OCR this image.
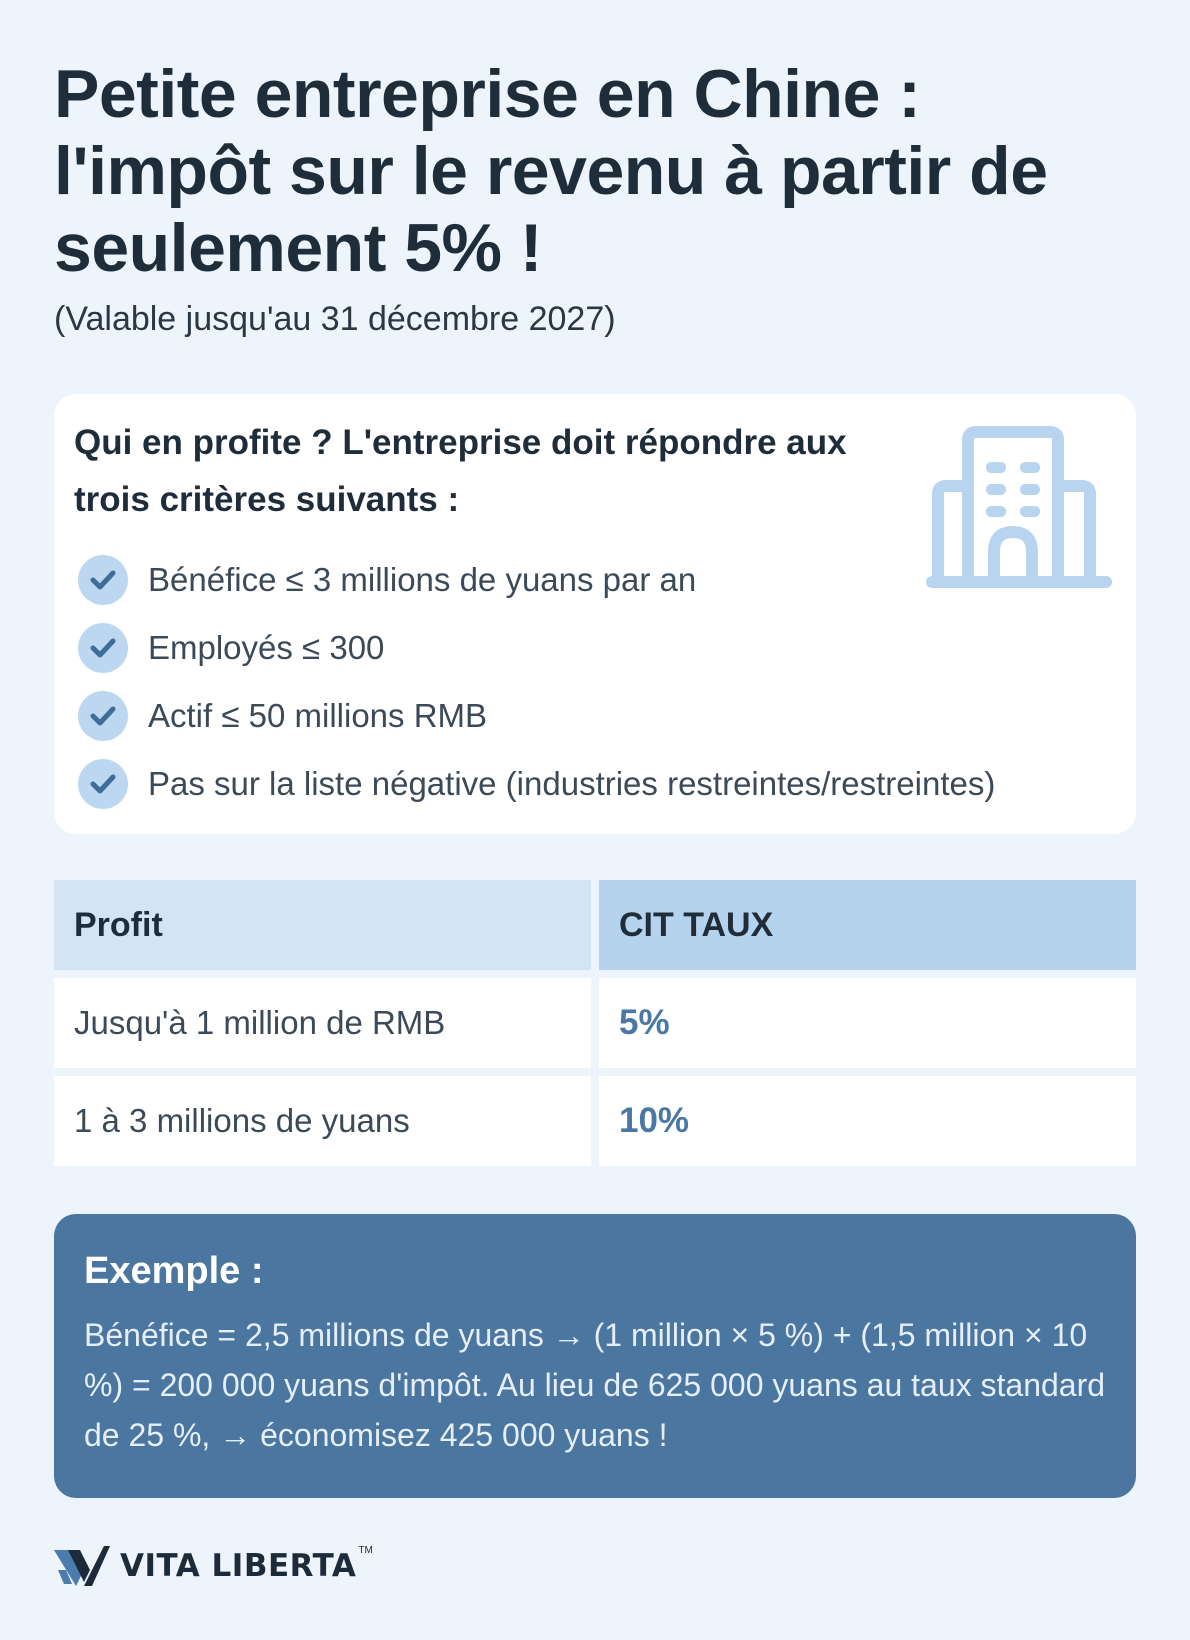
Petite entreprise en Chine : l'impôt sur le revenu à partir de seulement 5% !

(Valable jusqu'au 31 décembre 2027)

Qui en profite ? L'entreprise doit répondre aux trois critères suivants :
Bénéfice ≤ 3 millions de yuans par an
Employés ≤ 300
Actif ≤ 50 millions RMB
Pas sur la liste négative (industries restreintes/restreintes)
Profit	CIT TAUX
Jusqu'à 1 million de RMB	5%
1 à 3 millions de yuans	10%
Exemple :

Bénéfice = 2,5 millions de yuans → (1 million × 5 %) + (1,5 million × 10 %) = 200 000 yuans d'impôt. Au lieu de 625 000 yuans au taux standard de 25 %, → économisez 425 000 yuans !

VITA LIBERTA TM
